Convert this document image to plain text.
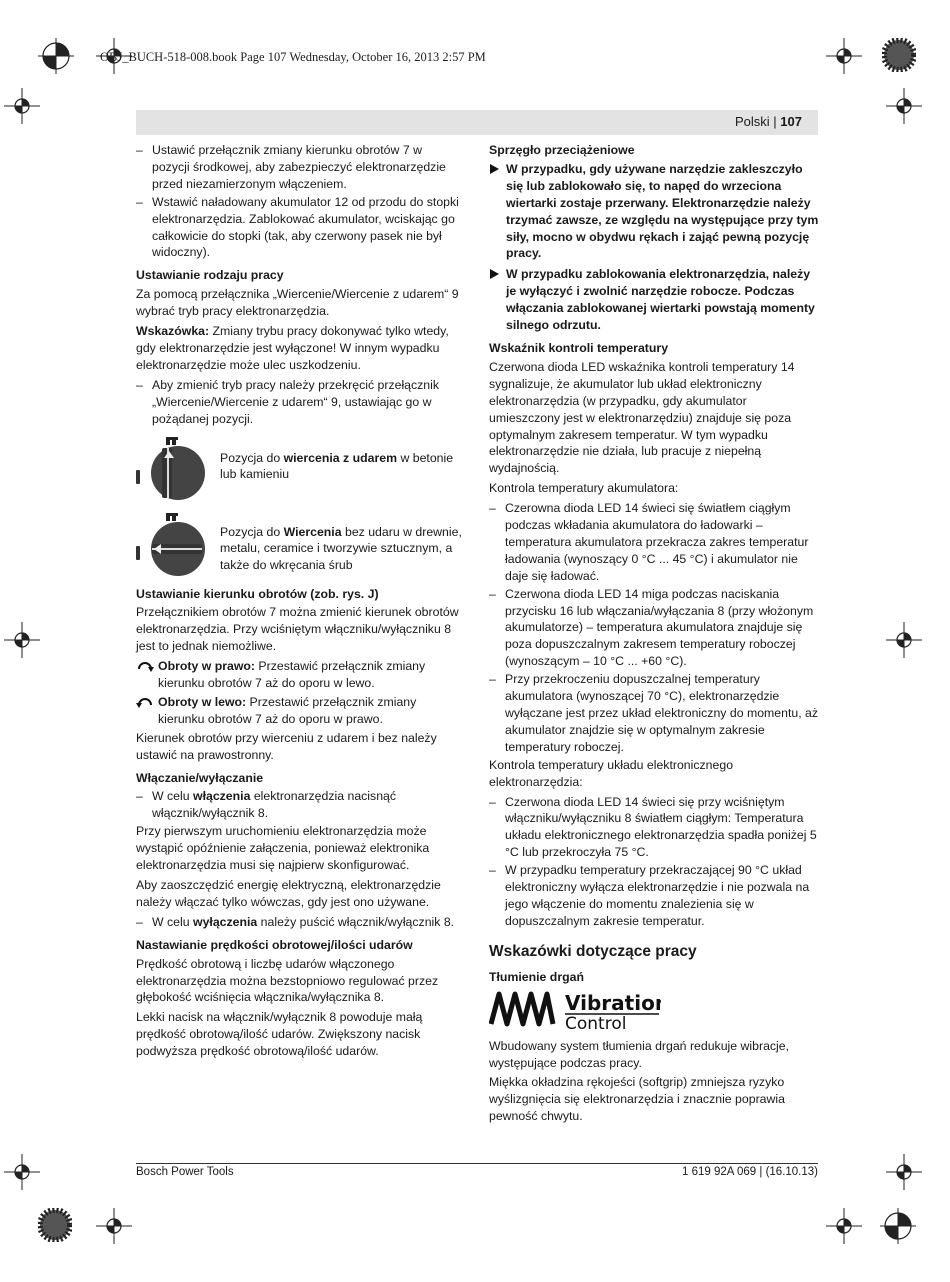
OBJ_BUCH-518-008.book Page 107 Wednesday, October 16, 2013 2:57 PM
Polski | 107
– Ustawić przełącznik zmiany kierunku obrotów 7 w pozycji środkowej, aby zabezpieczyć elektronarzędzie przed niezamierzonym włączeniem.
– Wstawić naładowany akumulator 12 od przodu do stopki elektronarzędzia. Zablokować akumulator, wciskając go całkowicie do stopki (tak, aby czerwony pasek nie był widoczny).
Ustawianie rodzaju pracy

Za pomocą przełącznika „Wiercenie/Wiercenie z udarem“ 9 wybrać tryb pracy elektronarzędzia.

Wskazówka: Zmiany trybu pracy dokonywać tylko wtedy, gdy elektronarzędzie jest wyłączone! W innym wypadku elektronarzędzie może ulec uszkodzeniu.

– Aby zmienić tryb pracy należy przekręcić przełącznik „Wiercenie/Wiercenie z udarem“ 9, ustawiając go w pożądanej pozycji.
Pozycja do wiercenia z udarem w betonie lub kamieniu
Pozycja do Wiercenia bez udaru w drewnie, metalu, ceramice i tworzywie sztucznym, a także do wkręcania śrub
Ustawianie kierunku obrotów (zob. rys. J)

Przełącznikiem obrotów 7 można zmienić kierunek obrotów elektronarzędzia. Przy wciśniętym włączniku/wyłączniku 8 jest to jednak niemożliwe.

Obroty w prawo: Przestawić przełącznik zmiany kierunku obrotów 7 aż do oporu w lewo.
Obroty w lewo: Przestawić przełącznik zmiany kierunku obrotów 7 aż do oporu w prawo.

Kierunek obrotów przy wierceniu z udarem i bez należy ustawić na prawostronny.

Włączanie/wyłączanie
– W celu włączenia elektronarzędzia nacisnąć włącznik/wyłącznik 8.

Przy pierwszym uruchomieniu elektronarzędzia może wystąpić opóźnienie załączenia, ponieważ elektronika elektronarzędzia musi się najpierw skonfigurować.

Aby zaoszczędzić energię elektryczną, elektronarzędzie należy włączać tylko wówczas, gdy jest ono używane.

– W celu wyłączenia należy puścić włącznik/wyłącznik 8.
Nastawianie prędkości obrotowej/ilości udarów

Prędkość obrotową i liczbę udarów włączonego elektronarzędzia można bezstopniowo regulować przez głębokość wciśnięcia włącznika/wyłącznika 8.

Lekki nacisk na włącznik/wyłącznik 8 powoduje małą prędkość obrotową/ilość udarów. Zwiększony nacisk podwyższa prędkość obrotową/ilość udarów.

Sprzęgło przeciążeniowe
W przypadku, gdy używane narzędzie zakleszczyło się lub zablokowało się, to napęd do wrzeciona wiertarki zostaje przerwany. Elektronarzędzie należy trzymać zawsze, ze względu na występujące przy tym siły, mocno w obydwu rękach i zająć pewną pozycję pracy.
W przypadku zablokowania elektronarzędzia, należy je wyłączyć i zwolnić narzędzie robocze. Podczas włączania zablokowanej wiertarki powstają momenty silnego odrzutu.
Wskaźnik kontroli temperatury

Czerwona dioda LED wskaźnika kontroli temperatury 14 sygnalizuje, że akumulator lub układ elektroniczny elektronarzędzia (w przypadku, gdy akumulator umieszczony jest w elektronarzędziu) znajduje się poza optymalnym zakresem temperatur. W tym wypadku elektronarzędzie nie działa, lub pracuje z niepełną wydajnością.

Kontrola temperatury akumulatora:

– Czerowna dioda LED 14 świeci się światłem ciągłym podczas wkładania akumulatora do ładowarki – temperatura akumulatora przekracza zakres temperatur ładowania (wynoszący 0 °C ... 45 °C) i akumulator nie daje się ładować.
– Czerwona dioda LED 14 miga podczas naciskania przycisku 16 lub włączania/wyłączania 8 (przy włożonym akumulatorze) – temperatura akumulatora znajduje się poza dopuszczalnym zakresem temperatury roboczej (wynoszącym – 10 °C ... +60 °C).
– Przy przekroczeniu dopuszczalnej temperatury akumulatora (wynoszącej 70 °C), elektronarzędzie wyłączane jest przez układ elektroniczny do momentu, aż akumulator znajdzie się w optymalnym zakresie temperatury roboczej.

Kontrola temperatury układu elektronicznego elektronarzędzia:

– Czerwona dioda LED 14 świeci się przy wciśniętym włączniku/wyłączniku 8 światłem ciągłym: Temperatura układu elektronicznego elektronarzędzia spadła poniżej 5 °C lub przekroczyła 75 °C.
– W przypadku temperatury przekraczającej 90 °C układ elektroniczny wyłącza elektronarzędzie i nie pozwala na jego włączenie do momentu znalezienia się w dopuszczalnym zakresie temperatur.
Wskazówki dotyczące pracy
Tłumienie drgań
Vibration
Control

Wbudowany system tłumienia drgań redukuje wibracje, występujące podczas pracy.

Miękka okładzina rękojeści (softgrip) zmniejsza ryzyko wyślizgnięcia się elektronarzędzia i znacznie poprawia pewność chwytu.

Bosch Power Tools	1 619 92A 069 | (16.10.13)
